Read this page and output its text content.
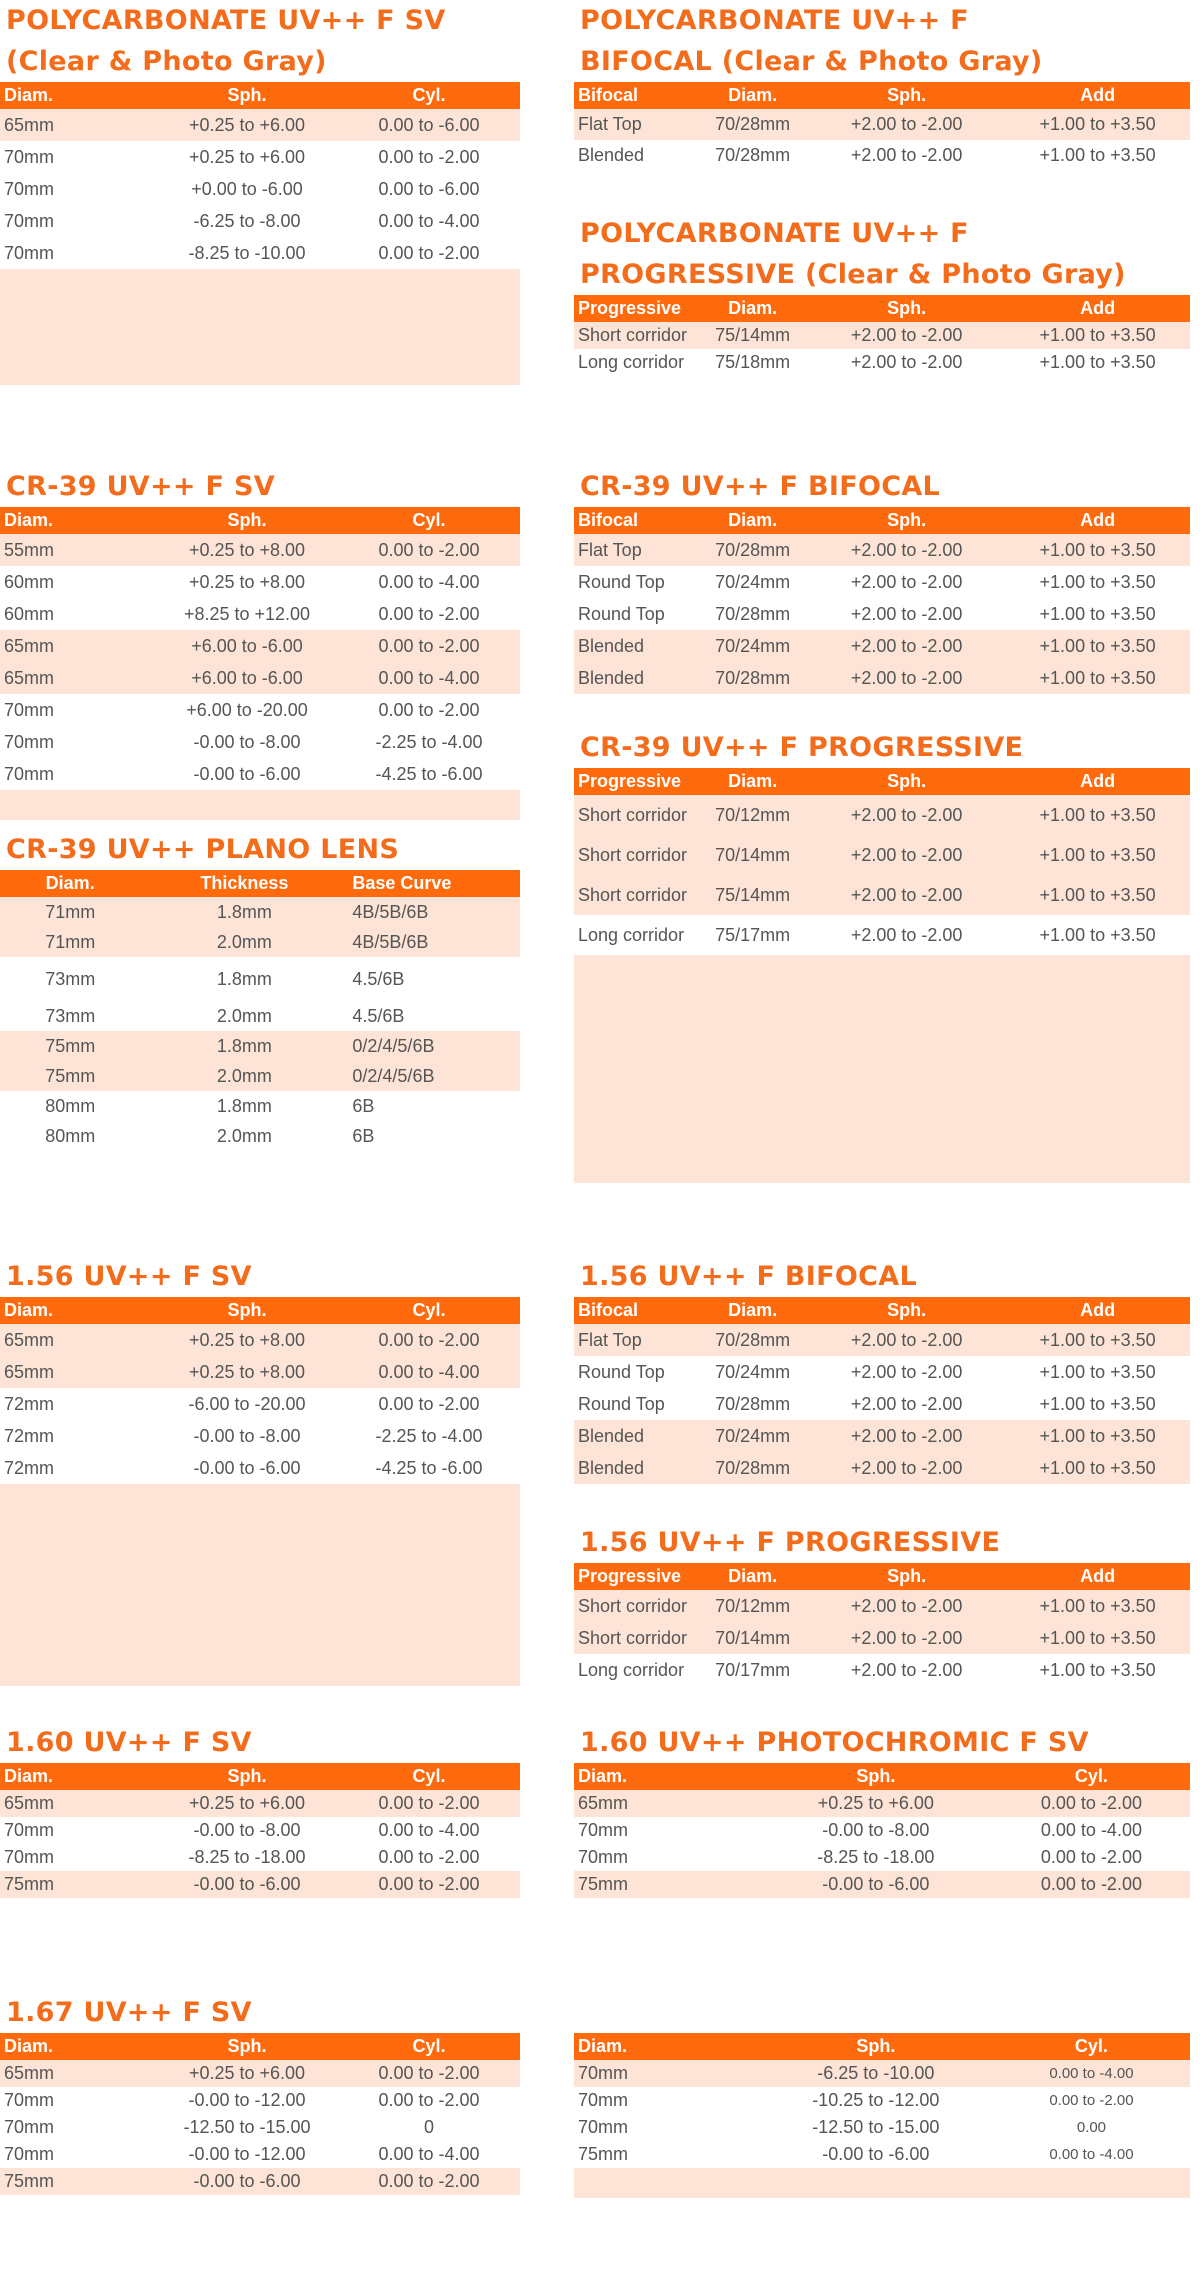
POLYCARBONATE UV++ F SV
(Clear & Photo Gray)
Diam.	Sph.	Cyl.
65mm	+0.25 to +6.00	0.00 to -6.00
70mm	+0.25 to +6.00	0.00 to -2.00
70mm	+0.00 to -6.00	0.00 to -6.00
70mm	-6.25 to -8.00	0.00 to -4.00
70mm	-8.25 to -10.00	0.00 to -2.00
POLYCARBONATE UV++ F
BIFOCAL (Clear & Photo Gray)
Bifocal	Diam.	Sph.	Add
Flat Top	70/28mm	+2.00 to -2.00	+1.00 to +3.50
Blended	70/28mm	+2.00 to -2.00	+1.00 to +3.50
POLYCARBONATE UV++ F
PROGRESSIVE (Clear & Photo Gray)
Progressive	Diam.	Sph.	Add
Short corridor	75/14mm	+2.00 to -2.00	+1.00 to +3.50
Long corridor	75/18mm	+2.00 to -2.00	+1.00 to +3.50
CR-39 UV++ F SV
Diam.	Sph.	Cyl.
55mm	+0.25 to +8.00	0.00 to -2.00
60mm	+0.25 to +8.00	0.00 to -4.00
60mm	+8.25 to +12.00	0.00 to -2.00
65mm	+6.00 to -6.00	0.00 to -2.00
65mm	+6.00 to -6.00	0.00 to -4.00
70mm	+6.00 to -20.00	0.00 to -2.00
70mm	-0.00 to -8.00	-2.25 to -4.00
70mm	-0.00 to -6.00	-4.25 to -6.00
CR-39 UV++ PLANO LENS
Diam.	Thickness	Base Curve
71mm	1.8mm	4B/5B/6B
71mm	2.0mm	4B/5B/6B
73mm	1.8mm	4.5/6B
73mm	2.0mm	4.5/6B
75mm	1.8mm	0/2/4/5/6B
75mm	2.0mm	0/2/4/5/6B
80mm	1.8mm	6B
80mm	2.0mm	6B
CR-39 UV++ F BIFOCAL
Bifocal	Diam.	Sph.	Add
Flat Top	70/28mm	+2.00 to -2.00	+1.00 to +3.50
Round Top	70/24mm	+2.00 to -2.00	+1.00 to +3.50
Round Top	70/28mm	+2.00 to -2.00	+1.00 to +3.50
Blended	70/24mm	+2.00 to -2.00	+1.00 to +3.50
Blended	70/28mm	+2.00 to -2.00	+1.00 to +3.50
CR-39 UV++ F PROGRESSIVE
Progressive	Diam.	Sph.	Add
Short corridor	70/12mm	+2.00 to -2.00	+1.00 to +3.50
Short corridor	70/14mm	+2.00 to -2.00	+1.00 to +3.50
Short corridor	75/14mm	+2.00 to -2.00	+1.00 to +3.50
Long corridor	75/17mm	+2.00 to -2.00	+1.00 to +3.50
1.56 UV++ F SV
Diam.	Sph.	Cyl.
65mm	+0.25 to +8.00	0.00 to -2.00
65mm	+0.25 to +8.00	0.00 to -4.00
72mm	-6.00 to -20.00	0.00 to -2.00
72mm	-0.00 to -8.00	-2.25 to -4.00
72mm	-0.00 to -6.00	-4.25 to -6.00
1.56 UV++ F BIFOCAL
Bifocal	Diam.	Sph.	Add
Flat Top	70/28mm	+2.00 to -2.00	+1.00 to +3.50
Round Top	70/24mm	+2.00 to -2.00	+1.00 to +3.50
Round Top	70/28mm	+2.00 to -2.00	+1.00 to +3.50
Blended	70/24mm	+2.00 to -2.00	+1.00 to +3.50
Blended	70/28mm	+2.00 to -2.00	+1.00 to +3.50
1.56 UV++ F PROGRESSIVE
Progressive	Diam.	Sph.	Add
Short corridor	70/12mm	+2.00 to -2.00	+1.00 to +3.50
Short corridor	70/14mm	+2.00 to -2.00	+1.00 to +3.50
Long corridor	70/17mm	+2.00 to -2.00	+1.00 to +3.50
1.60 UV++ F SV
Diam.	Sph.	Cyl.
65mm	+0.25 to +6.00	0.00 to -2.00
70mm	-0.00 to -8.00	0.00 to -4.00
70mm	-8.25 to -18.00	0.00 to -2.00
75mm	-0.00 to -6.00	0.00 to -2.00
1.60 UV++ PHOTOCHROMIC F SV
Diam.	Sph.	Cyl.
65mm	+0.25 to +6.00	0.00 to -2.00
70mm	-0.00 to -8.00	0.00 to -4.00
70mm	-8.25 to -18.00	0.00 to -2.00
75mm	-0.00 to -6.00	0.00 to -2.00
1.67 UV++ F SV
Diam.	Sph.	Cyl.
65mm	+0.25 to +6.00	0.00 to -2.00
70mm	-0.00 to -12.00	0.00 to -2.00
70mm	-12.50 to -15.00	0
70mm	-0.00 to -12.00	0.00 to -4.00
75mm	-0.00 to -6.00	0.00 to -2.00
Diam.	Sph.	Cyl.
70mm	-6.25 to -10.00	0.00 to -4.00
70mm	-10.25 to -12.00	0.00 to -2.00
70mm	-12.50 to -15.00	0.00
75mm	-0.00 to -6.00	0.00 to -4.00
